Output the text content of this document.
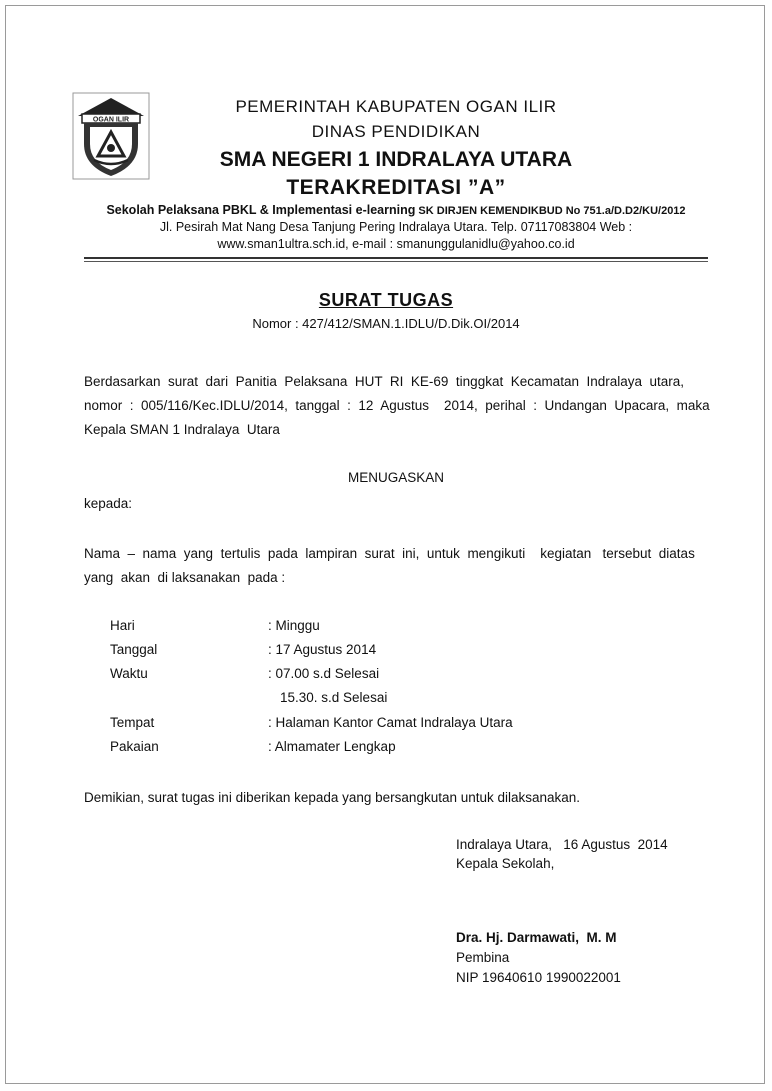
OGAN ILIR
PEMERINTAH KABUPATEN OGAN ILIR
DINAS PENDIDIKAN
SMA NEGERI 1 INDRALAYA UTARA
TERAKREDITASI ”A”
Sekolah Pelaksana PBKL & Implementasi e-learning SK DIRJEN KEMENDIKBUD No 751.a/D.D2/KU/2012
Jl. Pesirah Mat Nang Desa Tanjung Pering Indralaya Utara. Telp. 07117083804 Web :
www.sman1ultra.sch.id, e-mail : smanunggulanidlu@yahoo.co.id
SURAT TUGAS
Nomor : 427/412/SMAN.1.IDLU/D.Dik.OI/2014
Berdasarkan  surat  dari  Panitia  Pelaksana  HUT  RI  KE-69  tinggkat  Kecamatan  Indralaya  utara,
nomor  :  005/116/Kec.IDLU/2014,  tanggal  :  12  Agustus    2014,  perihal  :  Undangan  Upacara,  maka
Kepala SMAN 1 Indralaya  Utara
MENUGASKAN
kepada:
Nama  –  nama  yang  tertulis  pada  lampiran  surat  ini,  untuk  mengikuti    kegiatan   tersebut  diatas
yang  akan  di laksanakan  pada :
Hari	: Minggu
Tanggal	: 17 Agustus 2014
Waktu	: 07.00 s.d Selesai
15.30. s.d Selesai
Tempat	: Halaman Kantor Camat Indralaya Utara
Pakaian	: Almamater Lengkap
Demikian, surat tugas ini diberikan kepada yang bersangkutan untuk dilaksanakan.
Indralaya Utara,   16 Agustus  2014
Kepala Sekolah,
Dra. Hj. Darmawati,  M. M
Pembina
NIP 19640610 1990022001
